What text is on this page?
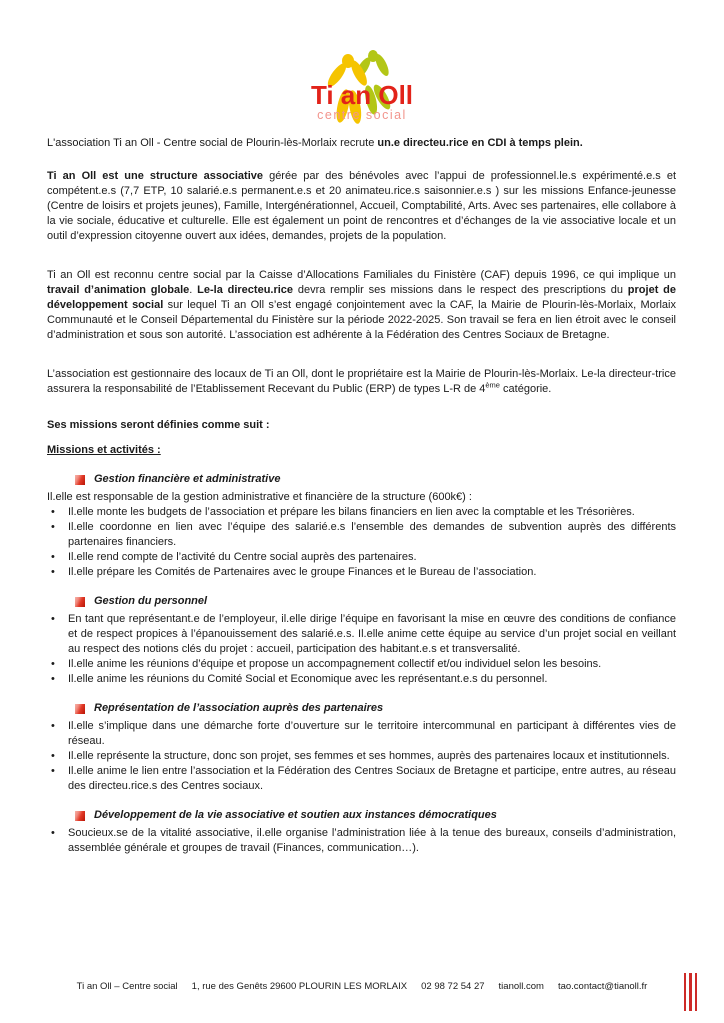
Ti an Oll
centre social

L'association Ti an Oll - Centre social de Plourin-lès-Morlaix recrute un.e directeu.rice en CDI à temps plein.

Ti an Oll est une structure associative gérée par des bénévoles avec l’appui de professionnel.le.s expérimenté.e.s et compétent.e.s (7,7 ETP, 10 salarié.e.s permanent.e.s et 20 animateu.rice.s saisonnier.e.s ) sur les missions Enfance-jeunesse (Centre de loisirs et projets jeunes), Famille, Intergénérationnel, Accueil, Comptabilité, Arts. Avec ses partenaires, elle collabore à la vie sociale, éducative et culturelle. Elle est également un point de rencontres et d’échanges de la vie associative locale et un outil d’expression citoyenne ouvert aux idées, demandes, projets de la population.

Ti an Oll est reconnu centre social par la Caisse d’Allocations Familiales du Finistère (CAF) depuis 1996, ce qui implique un travail d’animation globale. Le-la directeu.rice devra remplir ses missions dans le respect des prescriptions du projet de développement social sur lequel Ti an Oll s’est engagé conjointement avec la CAF, la Mairie de Plourin-lès-Morlaix, Morlaix Communauté et le Conseil Départemental du Finistère sur la période 2022-2025. Son travail se fera en lien étroit avec le conseil d’administration et sous son autorité. L’association est adhérente à la Fédération des Centres Sociaux de Bretagne.

L’association est gestionnaire des locaux de Ti an Oll, dont le propriétaire est la Mairie de Plourin-lès-Morlaix. Le-la directeur-trice assurera la responsabilité de l’Etablissement Recevant du Public (ERP) de types L-R de 4ème catégorie.

Ses missions seront définies comme suit :

Missions et activités :

Gestion financière et administrative

Il.elle est responsable de la gestion administrative et financière de la structure (600k€) :

• Il.elle monte les budgets de l’association et prépare les bilans financiers en lien avec la comptable et les Trésorières.
• Il.elle coordonne en lien avec l’équipe des salarié.e.s l’ensemble des demandes de subvention auprès des différents partenaires financiers.
• Il.elle rend compte de l’activité du Centre social auprès des partenaires.
• Il.elle prépare les Comités de Partenaires avec le groupe Finances et le Bureau de l’association.
Gestion du personnel
• En tant que représentant.e de l’employeur, il.elle dirige l’équipe en favorisant la mise en œuvre des conditions de confiance et de respect propices à l’épanouissement des salarié.e.s. Il.elle anime cette équipe au service d’un projet social en veillant au respect des notions clés du projet : accueil, participation des habitant.e.s et transversalité.
• Il.elle anime les réunions d’équipe et propose un accompagnement collectif et/ou individuel selon les besoins.
• Il.elle anime les réunions du Comité Social et Economique avec les représentant.e.s du personnel.
Représentation de l’association auprès des partenaires
• Il.elle s’implique dans une démarche forte d’ouverture sur le territoire intercommunal en participant à différentes vies de réseau.
• Il.elle représente la structure, donc son projet, ses femmes et ses hommes, auprès des partenaires locaux et institutionnels.
• Il.elle anime le lien entre l’association et la Fédération des Centres Sociaux de Bretagne et participe, entre autres, au réseau des directeu.rice.s des Centres sociaux.
Développement de la vie associative et soutien aux instances démocratiques
• Soucieux.se de la vitalité associative, il.elle organise l’administration liée à la tenue des bureaux, conseils d’administration, assemblée générale et groupes de travail (Finances, communication…).
Ti an Oll – Centre social 1, rue des Genêts 29600 PLOURIN LES MORLAIX 02 98 72 54 27 tianoll.com tao.contact@tianoll.fr
